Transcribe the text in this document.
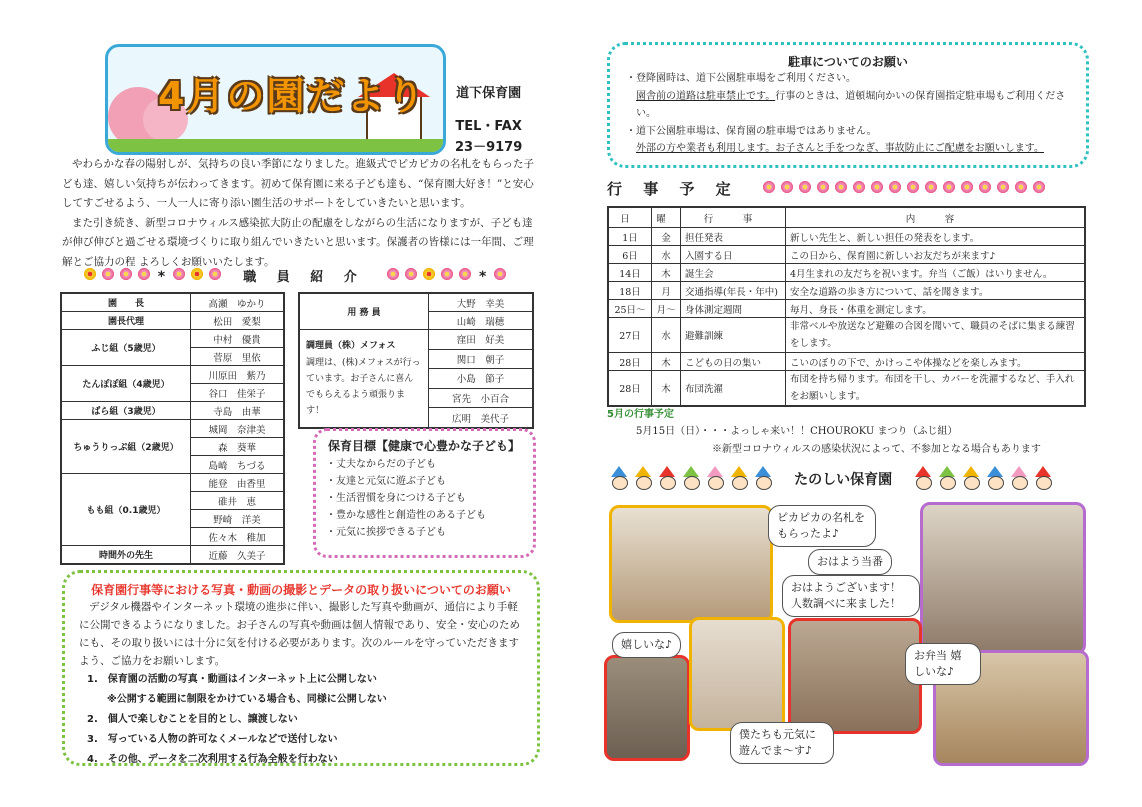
4月の園だより 道下保育園
TEL・FAX
23－9179

やわらかな春の陽射しが、気持ちの良い季節になりました。進級式でピカピカの名札をもらった子ども達、嬉しい気持ちが伝わってきます。初めて保育園に来る子ども達も、“保育園大好き！”と安心してすごせるよう、一人一人に寄り添い園生活のサポートをしていきたいと思います。

また引き続き、新型コロナウィルス感染拡大防止の配慮をしながらの生活になりますが、子ども達が伸び伸びと過ごせる環境づくりに取り組んでいきたいと思います。保護者の皆様には一年間、ご理解とご協力の程 よろしくお願いいたします。

*	職 員 紹 介	*
園　　長	高瀬　ゆかり
園長代理	松田　愛梨
ふじ組（5歳児）	中村　優貴
	菅原　里依
たんぽぽ組（4歳児）	川原田　紫乃
	谷口　佳栄子
ばら組（3歳児）	寺島　由華
ちゅうりっぷ組（2歳児）	城岡　奈津美
	森　葵華
	島崎　ちづる
もも組（0.1歳児）	能登　由香里
	碓井　恵
	野崎　洋美
	佐々木　稚加
時間外の先生	近藤　久美子
用 務 員	大野　幸美
	山崎　瑞穂

調理員（株）メフォス
調理は、(株)メフォスが行っています。お子さんに喜んでもらえるよう頑張ります！	窪田　好美
	関口　朝子
	小島　節子
	宮先　小百合
	広明　美代子
保育目標【健康で心豊かな子ども】
・丈夫なからだの子ども
・友達と元気に遊ぶ子ども
・生活習慣を身につける子ども
・豊かな感性と創造性のある子ども
・元気に挨拶できる子ども
保育園行事等における写真・動画の撮影とデータの取り扱いについてのお願い
デジタル機器やインターネット環境の進歩に伴い、撮影した写真や動画が、通信により手軽に公開できるようになりました。お子さんの写真や動画は個人情報であり、安全・安心のためにも、その取り扱いには十分に気を付ける必要があります。次のルールを守っていただきますよう、ご協力をお願いします。
1.　保育園の活動の写真・動画はインターネット上に公開しない
　　※公開する範囲に制限をかけている場合も、同様に公開しない
2.　個人で楽しむことを目的とし、譲渡しない
3.　写っている人物の許可なくメールなどで送付しない
4.　その他、データを二次利用する行為全般を行わない
駐車についてのお願い
・登降園時は、道下公園駐車場をご利用ください。
園舎前の道路は駐車禁止です。行事のときは、道頓堀向かいの保育園指定駐車場もご利用ください。
・道下公園駐車場は、保育園の駐車場ではありません。
外部の方や業者も利用します。お子さんと手をつなぎ、事故防止にご配慮をお願いします。
行 事 予 定
日	曜	行　事	内　容
1日	金	担任発表	新しい先生と、新しい担任の発表をします。
6日	水	入園する日	この日から、保育園に新しいお友だちが来ます♪
14日	木	誕生会	4月生まれの友だちを祝います。弁当（ご飯）はいりません。
18日	月	交通指導(年長・年中)	安全な道路の歩き方について、話を聞きます。
25日～	月～	身体測定週間	毎月、身長・体重を測定します。
27日	水	避難訓練	非常ベルや放送など避難の合図を聞いて、職員のそばに集まる練習をします。
28日	木	こどもの日の集い	こいのぼりの下で、かけっこや体操などを楽しみます。
28日	木	布団洗濯	布団を持ち帰ります。布団を干し、カバーを洗濯するなど、手入れをお願いします。
5月の行事予定
5月15日（日）・・・よっしゃ来い！！CHOUROKU まつり（ふじ組）
※新型コロナウィルスの感染状況によって、不参加となる場合もあります
たのしい保育園
ピカピカの名札を もらったよ♪
おはよう当番
おはようございます！ 人数調べに来ました！
嬉しいな♪
お弁当 嬉しいな♪
僕たちも元気に 遊んでま～す♪
